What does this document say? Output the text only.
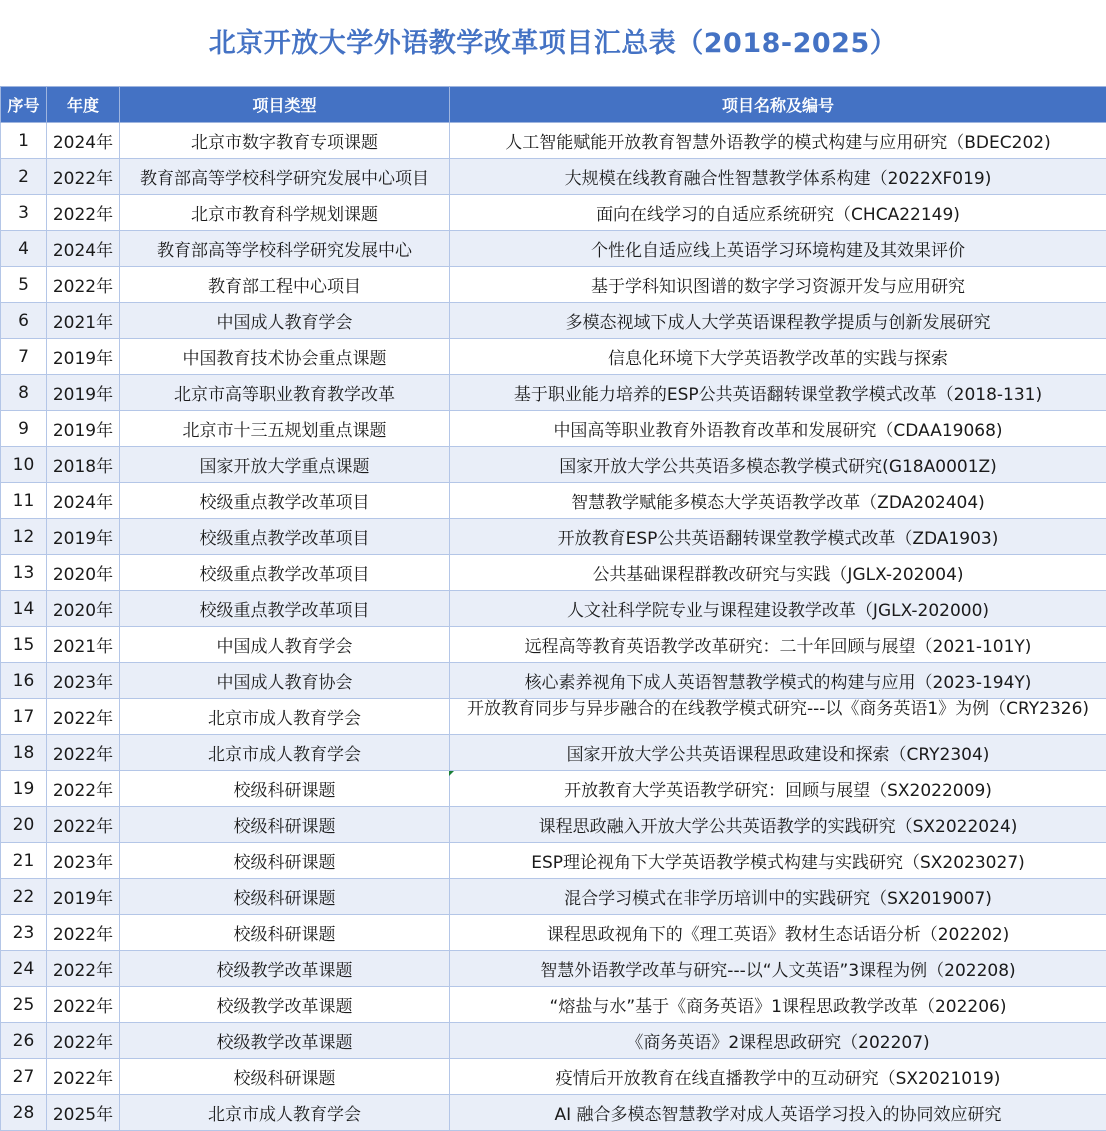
北京开放大学外语教学改革项目汇总表（2018-2025）
序号	年度	项目类型	项目名称及编号
1	2024年	北京市数字教育专项课题	人工智能赋能开放教育智慧外语教学的模式构建与应用研究（BDEC202)
2	2022年	教育部高等学校科学研究发展中心项目	大规模在线教育融合性智慧教学体系构建（2022XF019)
3	2022年	北京市教育科学规划课题	面向在线学习的自适应系统研究（CHCA22149)
4	2024年	教育部高等学校科学研究发展中心	个性化自适应线上英语学习环境构建及其效果评价
5	2022年	教育部工程中心项目	基于学科知识图谱的数字学习资源开发与应用研究
6	2021年	中国成人教育学会	多模态视域下成人大学英语课程教学提质与创新发展研究
7	2019年	中国教育技术协会重点课题	信息化环境下大学英语教学改革的实践与探索
8	2019年	北京市高等职业教育教学改革	基于职业能力培养的ESP公共英语翻转课堂教学模式改革（2018-131)
9	2019年	北京市十三五规划重点课题	中国高等职业教育外语教育改革和发展研究（CDAA19068)
10	2018年	国家开放大学重点课题	国家开放大学公共英语多模态教学模式研究(G18A0001Z)
11	2024年	校级重点教学改革项目	智慧教学赋能多模态大学英语教学改革（ZDA202404)
12	2019年	校级重点教学改革项目	开放教育ESP公共英语翻转课堂教学模式改革（ZDA1903)
13	2020年	校级重点教学改革项目	公共基础课程群教改研究与实践（JGLX-202004)
14	2020年	校级重点教学改革项目	人文社科学院专业与课程建设教学改革（JGLX-202000)
15	2021年	中国成人教育学会	远程高等教育英语教学改革研究：二十年回顾与展望（2021-101Y)
16	2023年	中国成人教育协会	核心素养视角下成人英语智慧教学模式的构建与应用（2023-194Y)
17	2022年	北京市成人教育学会	开放教育同步与异步融合的在线教学模式研究---以《商务英语1》为例（CRY2326)

18	2022年	北京市成人教育学会	国家开放大学公共英语课程思政建设和探索（CRY2304)
19	2022年	校级科研课题	开放教育大学英语教学研究：回顾与展望（SX2022009)
20	2022年	校级科研课题	课程思政融入开放大学公共英语教学的实践研究（SX2022024)
21	2023年	校级科研课题	ESP理论视角下大学英语教学模式构建与实践研究（SX2023027)
22	2019年	校级科研课题	混合学习模式在非学历培训中的实践研究（SX2019007)
23	2022年	校级科研课题	课程思政视角下的《理工英语》教材生态话语分析（202202)
24	2022年	校级教学改革课题	智慧外语教学改革与研究---以“人文英语”3课程为例（202208)
25	2022年	校级教学改革课题	“熔盐与水”基于《商务英语》1课程思政教学改革（202206)
26	2022年	校级教学改革课题	《商务英语》2课程思政研究（202207)
27	2022年	校级科研课题	疫情后开放教育在线直播教学中的互动研究（SX2021019)
28	2025年	北京市成人教育学会	AI 融合多模态智慧教学对成人英语学习投入的协同效应研究
